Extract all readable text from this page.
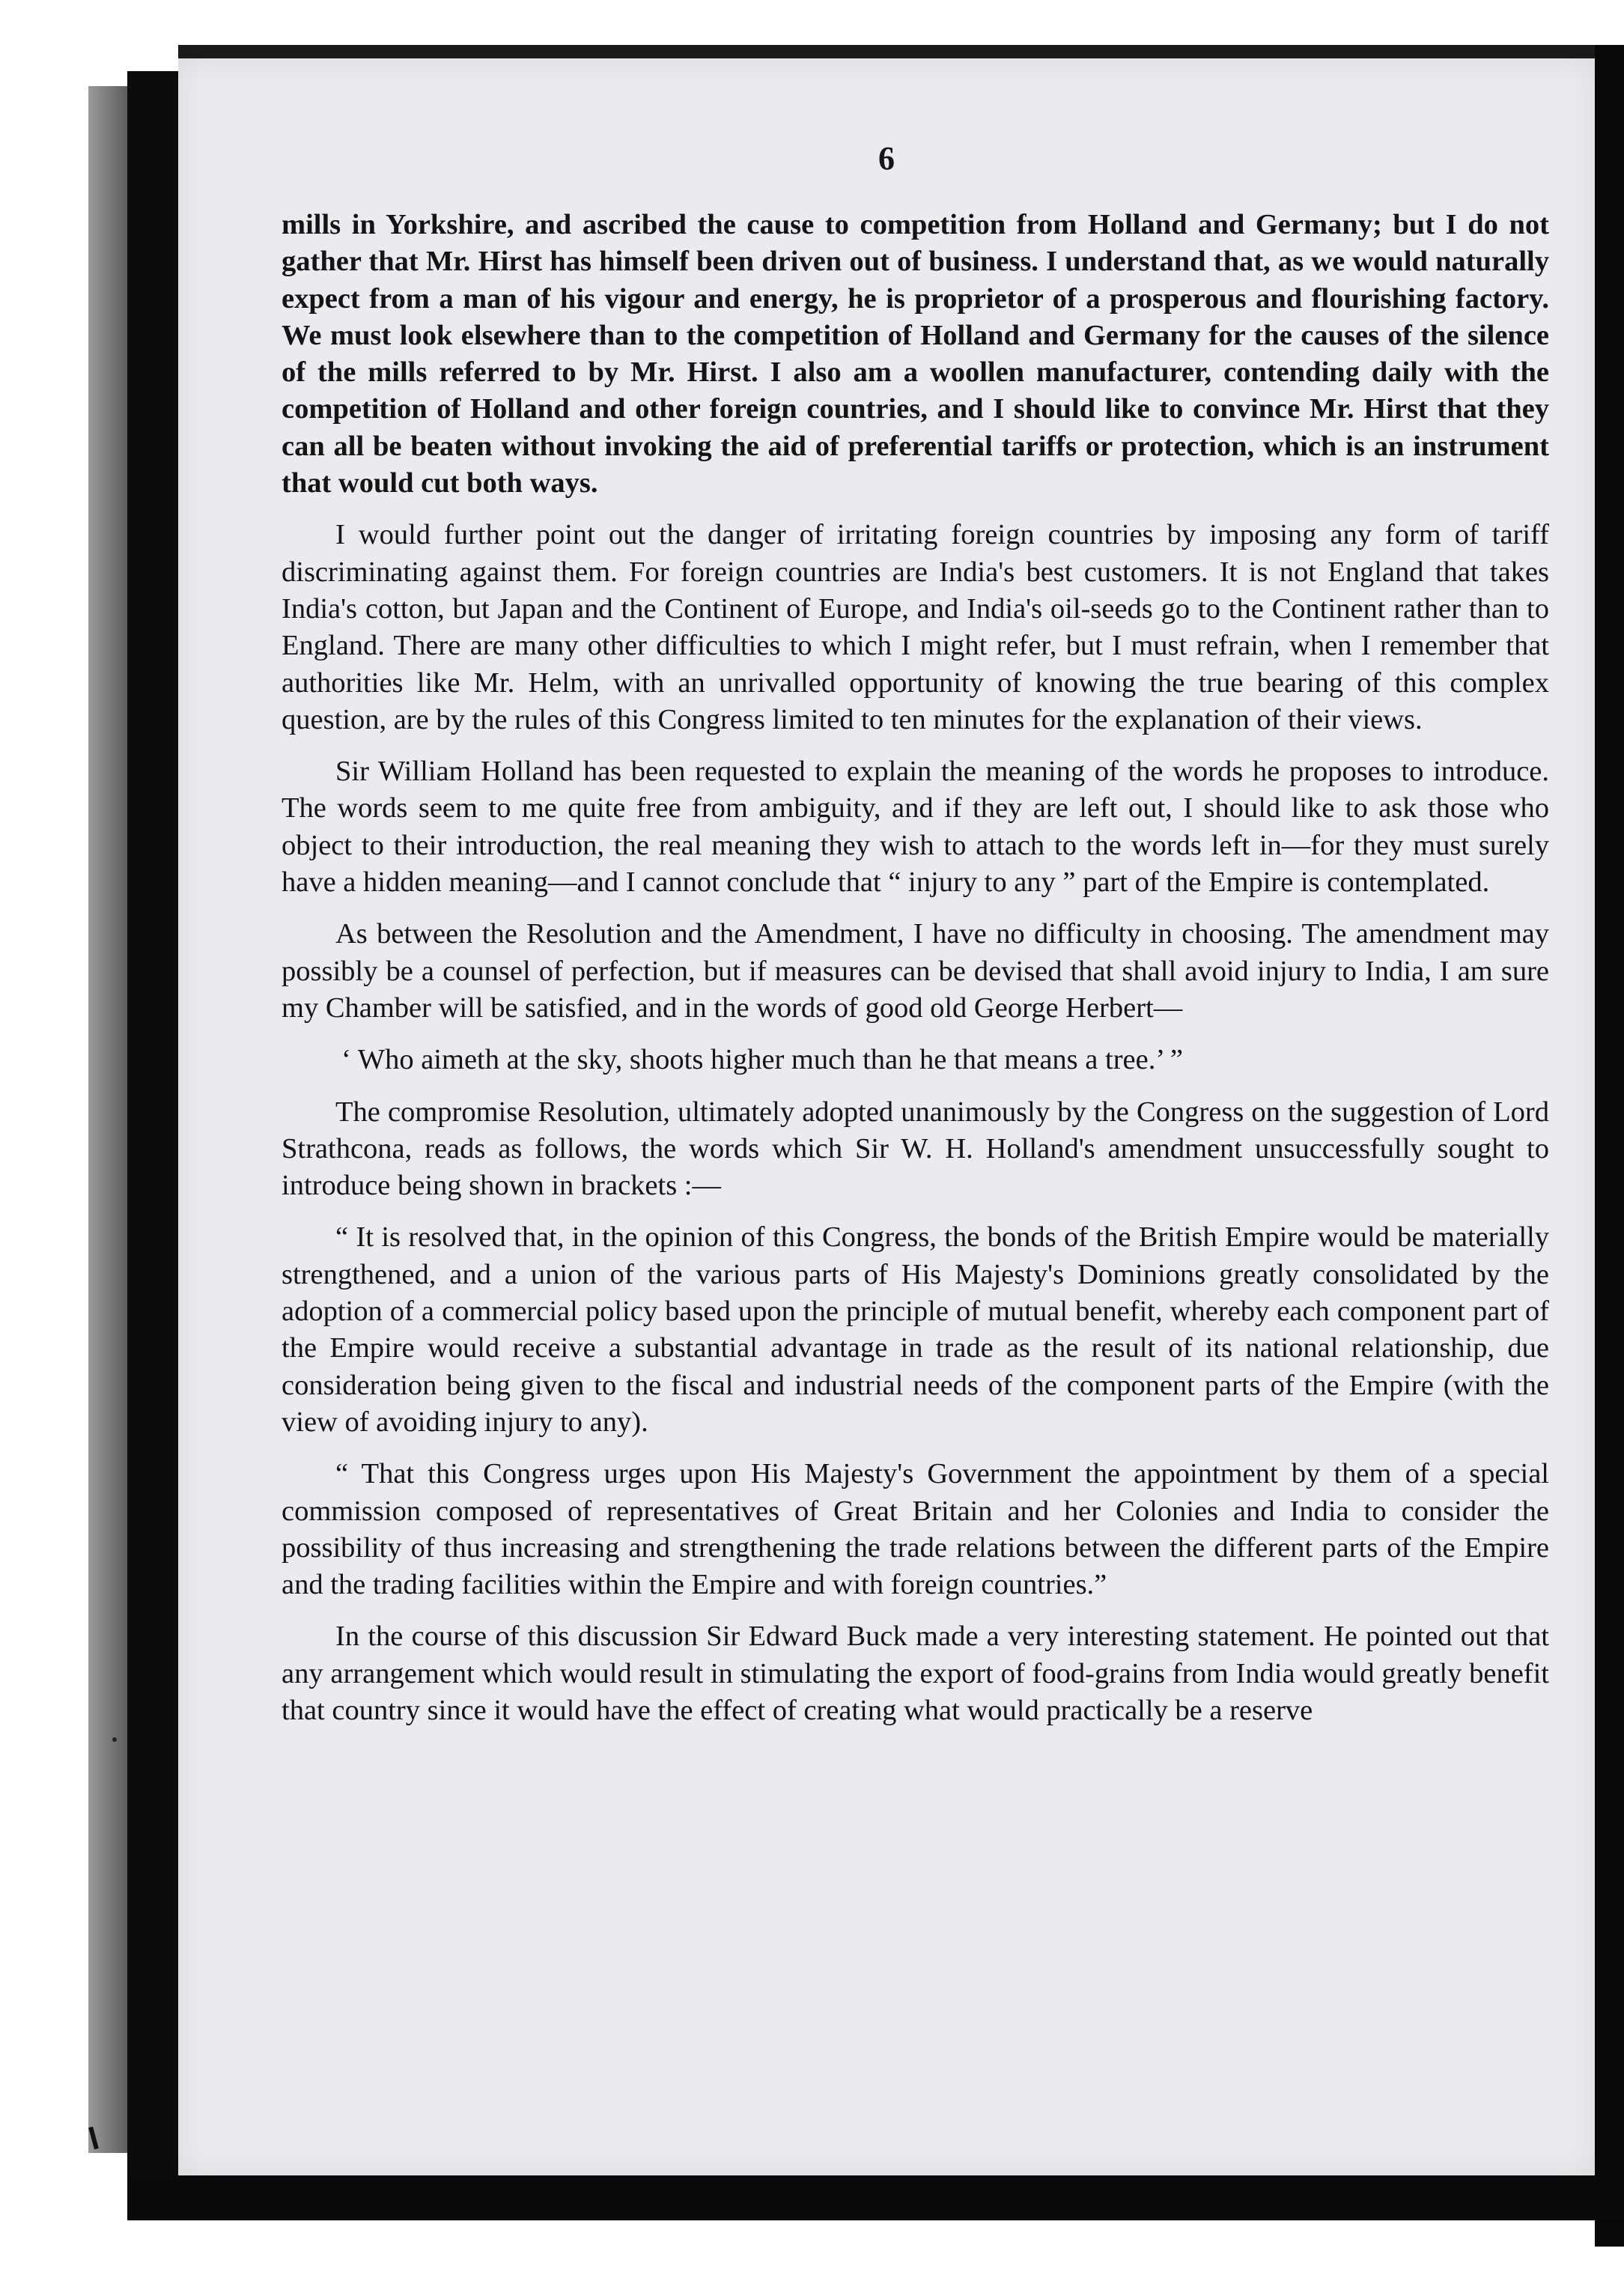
6

mills in Yorkshire, and ascribed the cause to competition from Holland and Germany; but I do not gather that Mr. Hirst has himself been driven out of business. I understand that, as we would naturally expect from a man of his vigour and energy, he is proprietor of a prosperous and flourishing factory. We must look elsewhere than to the competition of Holland and Germany for the causes of the silence of the mills referred to by Mr. Hirst. I also am a woollen manufacturer, contending daily with the competition of Holland and other foreign countries, and I should like to convince Mr. Hirst that they can all be beaten without invoking the aid of preferential tariffs or protection, which is an instrument that would cut both ways.

I would further point out the danger of irritating foreign countries by imposing any form of tariff discriminating against them. For foreign countries are India's best customers. It is not England that takes India's cotton, but Japan and the Continent of Europe, and India's oil-seeds go to the Continent rather than to England. There are many other difficulties to which I might refer, but I must refrain, when I remember that authorities like Mr. Helm, with an unrivalled opportunity of knowing the true bearing of this complex question, are by the rules of this Congress limited to ten minutes for the explanation of their views.

Sir William Holland has been requested to explain the meaning of the words he proposes to introduce. The words seem to me quite free from ambiguity, and if they are left out, I should like to ask those who object to their introduction, the real meaning they wish to attach to the words left in—for they must surely have a hidden meaning—and I cannot conclude that “ injury to any ” part of the Empire is contemplated.

As between the Resolution and the Amendment, I have no difficulty in choosing. The amendment may possibly be a counsel of perfection, but if measures can be devised that shall avoid injury to India, I am sure my Chamber will be satisfied, and in the words of good old George Herbert—

‘ Who aimeth at the sky, shoots higher much than he that means a tree.’ ”

The compromise Resolution, ultimately adopted unanimously by the Congress on the suggestion of Lord Strathcona, reads as follows, the words which Sir W. H. Holland's amendment unsuccessfully sought to introduce being shown in brackets :—

“ It is resolved that, in the opinion of this Congress, the bonds of the British Empire would be materially strengthened, and a union of the various parts of His Majesty's Dominions greatly consolidated by the adoption of a commercial policy based upon the principle of mutual benefit, whereby each component part of the Empire would receive a substantial advantage in trade as the result of its national relationship, due consideration being given to the fiscal and industrial needs of the component parts of the Empire (with the view of avoiding injury to any).

“ That this Congress urges upon His Majesty's Government the appointment by them of a special commission composed of representatives of Great Britain and her Colonies and India to consider the possibility of thus increasing and strengthening the trade relations between the different parts of the Empire and the trading facilities within the Empire and with foreign countries.”

In the course of this discussion Sir Edward Buck made a very interesting statement. He pointed out that any arrangement which would result in stimulating the export of food-grains from India would greatly benefit that country since it would have the effect of creating what would practically be a reserve
